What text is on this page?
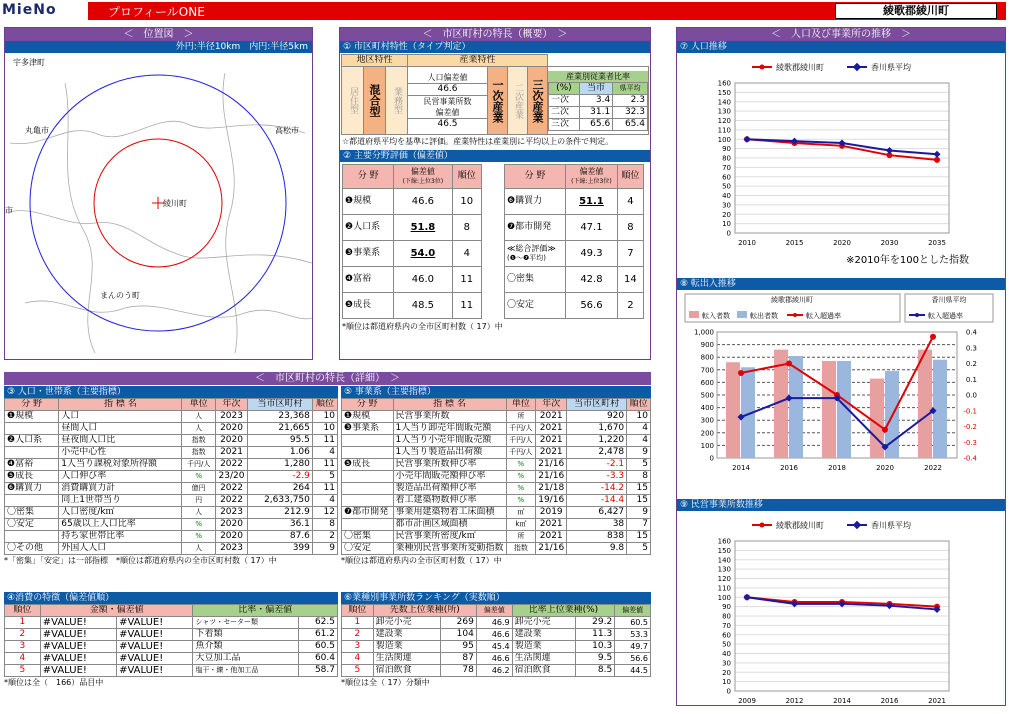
MieNo	プロフィールONE	綾歌郡綾川町
＜　位置図　＞
外円:半径10km　内円:半径5km
宇多津町
丸亀市	高松市
綾川町
まんのう町
市
＜　市区町村の特長（概要）　＞
① 市区町村特性（タイプ判定）
地区特性	産業特性
居住型	混合型	業務型	
人口偏差値
46.6
民営事業所数
偏差値
46.5
	一次産業	二次産業	三次産業	
産業別従業者比率
(%)	当市	県平均
一次	3.4	2.3
二次	31.1	32.3
三次	65.6	65.4
☆都道府県平均を基準に評価。産業特性は産業別に平均以上の条件で判定。
② 主要分野評価（偏差値）
分 野	偏差値
(下線:上位3位)	順位
❶規模	46.6	10
❷人口系	51.8	8
❸事業系	54.0	4
❹富裕	46.0	11
❺成長	48.5	11
分 野	偏差値
(下線:上位3位)	順位
❻購買力	51.1	4
❼都市開発	47.1	8
≪総合評価≫
(❶〜❼平均)	49.3	7
〇密集	42.8	14
〇安定	56.6	2
*順位は都道府県内の全市区町村数（ 17）中
＜　市区町村の特長（詳細）　＞
③ 人口・世帯系（主要指標）
分 野	指 標 名	単位	年次	当市区町村	順位
❶規模	人口	人	2023	23,368	10
	昼間人口	人	2020	21,665	10
❷人口系	昼夜間人口比	指数	2020	95.5	11
	小売中心性	指数	2021	1.06	4
❹富裕	1人当り課税対象所得額	千円/人	2022	1,280	11
❺成長	人口伸び率	%	23/20	-2.9	5
❻購買力	消費購買力計	億円	2022	264	11
	同上1世帯当り	円	2022	2,633,750	4
〇密集	人口密度/k㎡	人	2023	212.9	12
〇安定	65歳以上人口比率	%	2020	36.1	8
	持ち家世帯比率	%	2020	87.6	2
〇その他	外国人人口	人	2023	399	9
*「密集」「安定」は一部指標　*順位は都道府県内の全市区町村数（ 17）中
⑤ 事業系（主要指標）
分 野	指 標 名	単位	年次	当市区町村	順位
❶規模	民営事業所数	所	2021	920	10
❸事業系	1人当り卸売年間販売額	千円/人	2021	1,670	4
	1人当り小売年間販売額	千円/人	2021	1,220	4
	1人当り製造品出荷額	千円/人	2021	2,478	9
❺成長	民営事業所数伸び率	%	21/16	-2.1	5
	小売年間販売額伸び率	%	21/16	-3.3	8
	製造品出荷額伸び率	%	21/18	-14.2	15
	着工建築物数伸び率	%	19/16	-14.4	15
❼都市開発	事業用建築物着工床面積	㎡	2019	6,427	9
	都市計画区域面積	k㎡	2021	38	7
〇密集	民営事業所密度/k㎡	所	2021	838	15
〇安定	業種別民営事業所変動指数	指数	21/16	9.8	5
*順位は都道府県内の全市区町村数（ 17）中
④消費の特徴（偏差値順）
順位	金額・偏差値		比率・偏差値	
1	#VALUE!	#VALUE!	シャツ・セーター類	62.5
2	#VALUE!	#VALUE!	下着類	61.2
3	#VALUE!	#VALUE!	魚介類	60.5
4	#VALUE!	#VALUE!	大豆加工品	60.4
5	#VALUE!	#VALUE!	塩干・練・他加工品	58.7
*順位は全（　166）品目中
⑥業種別事業所数ランキング（実数順）
順位	先数上位業種(所)		偏差値	比率上位業種(%)		偏差値
1	卸売小売	269	46.9	卸売小売	29.2	60.5
2	建設業	104	46.6	建設業	11.3	53.3
3	製造業	95	45.4	製造業	10.3	49.7
4	生活関連	87	46.6	生活関連	9.5	56.6
5	宿泊飲食	78	46.2	宿泊飲食	8.5	44.5
*順位は全（ 17）分類中
＜　人口及び事業所の推移　＞
⑦ 人口推移
綾歌郡綾川町	香川県平均
0
10
20
30
40
50
60
70
80
90
100
110
120
130
140
150
160
2010	2015	2020	2030	2035
※2010年を100とした指数
⑧ 転出入推移
綾歌郡綾川町	香川県平均
転入者数	転出者数	転入超過率	転入超過率
0
100
200
300
400
500
600
700
800
900
1,000
-0.4
-0.3
-0.2
-0.1
0.0
0.1
0.2
0.3
0.4
2014	2016	2018	2020	2022
⑨ 民営事業所数推移
綾歌郡綾川町	香川県平均
0
10
20
30
40
50
60
70
80
90
100
110
120
130
140
150
160
2009	2012	2014	2016	2021
